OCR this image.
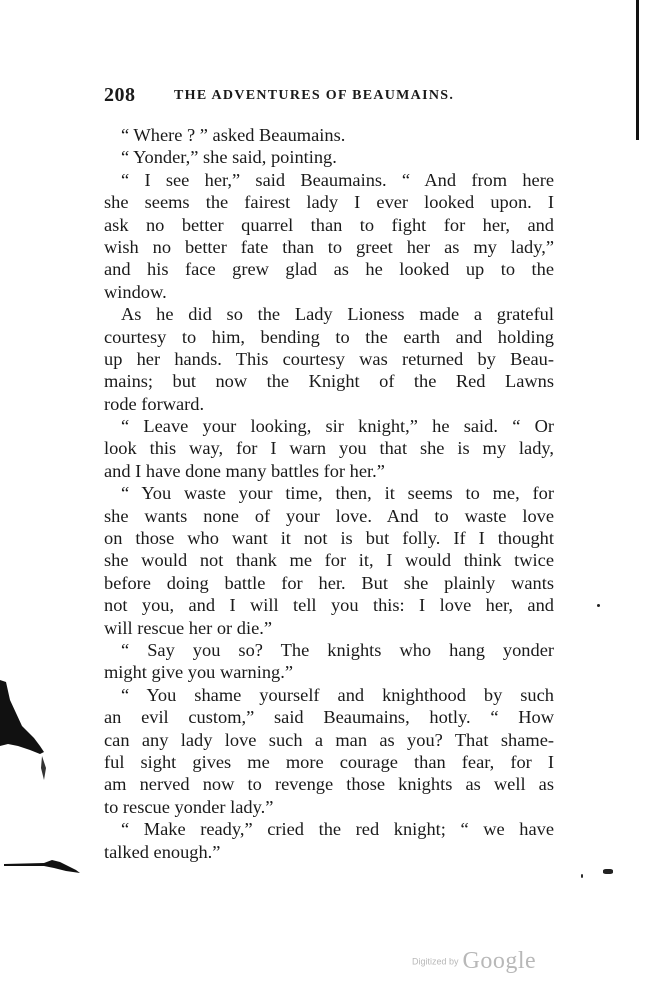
208	THE ADVENTURES OF BEAUMAINS.
“ Where ? ” asked Beaumains.
“ Yonder,” she said, pointing.
“ I see her,” said Beaumains. “ And from here
she seems the fairest lady I ever looked upon. I
ask no better quarrel than to fight for her, and
wish no better fate than to greet her as my lady,”
and his face grew glad as he looked up to the
window.
As he did so the Lady Lioness made a grateful
courtesy to him, bending to the earth and holding
up her hands. This courtesy was returned by Beau-
mains; but now the Knight of the Red Lawns
rode forward.
“ Leave your looking, sir knight,” he said. “ Or
look this way, for I warn you that she is my lady,
and I have done many battles for her.”
“ You waste your time, then, it seems to me, for
she wants none of your love. And to waste love
on those who want it not is but folly. If I thought
she would not thank me for it, I would think twice
before doing battle for her. But she plainly wants
not you, and I will tell you this: I love her, and
will rescue her or die.”
“ Say you so? The knights who hang yonder
might give you warning.”
“ You shame yourself and knighthood by such
an evil custom,” said Beaumains, hotly. “ How
can any lady love such a man as you? That shame-
ful sight gives me more courage than fear, for I
am nerved now to revenge those knights as well as
to rescue yonder lady.”
“ Make ready,” cried the red knight; “ we have
talked enough.”
Digitized by Google
